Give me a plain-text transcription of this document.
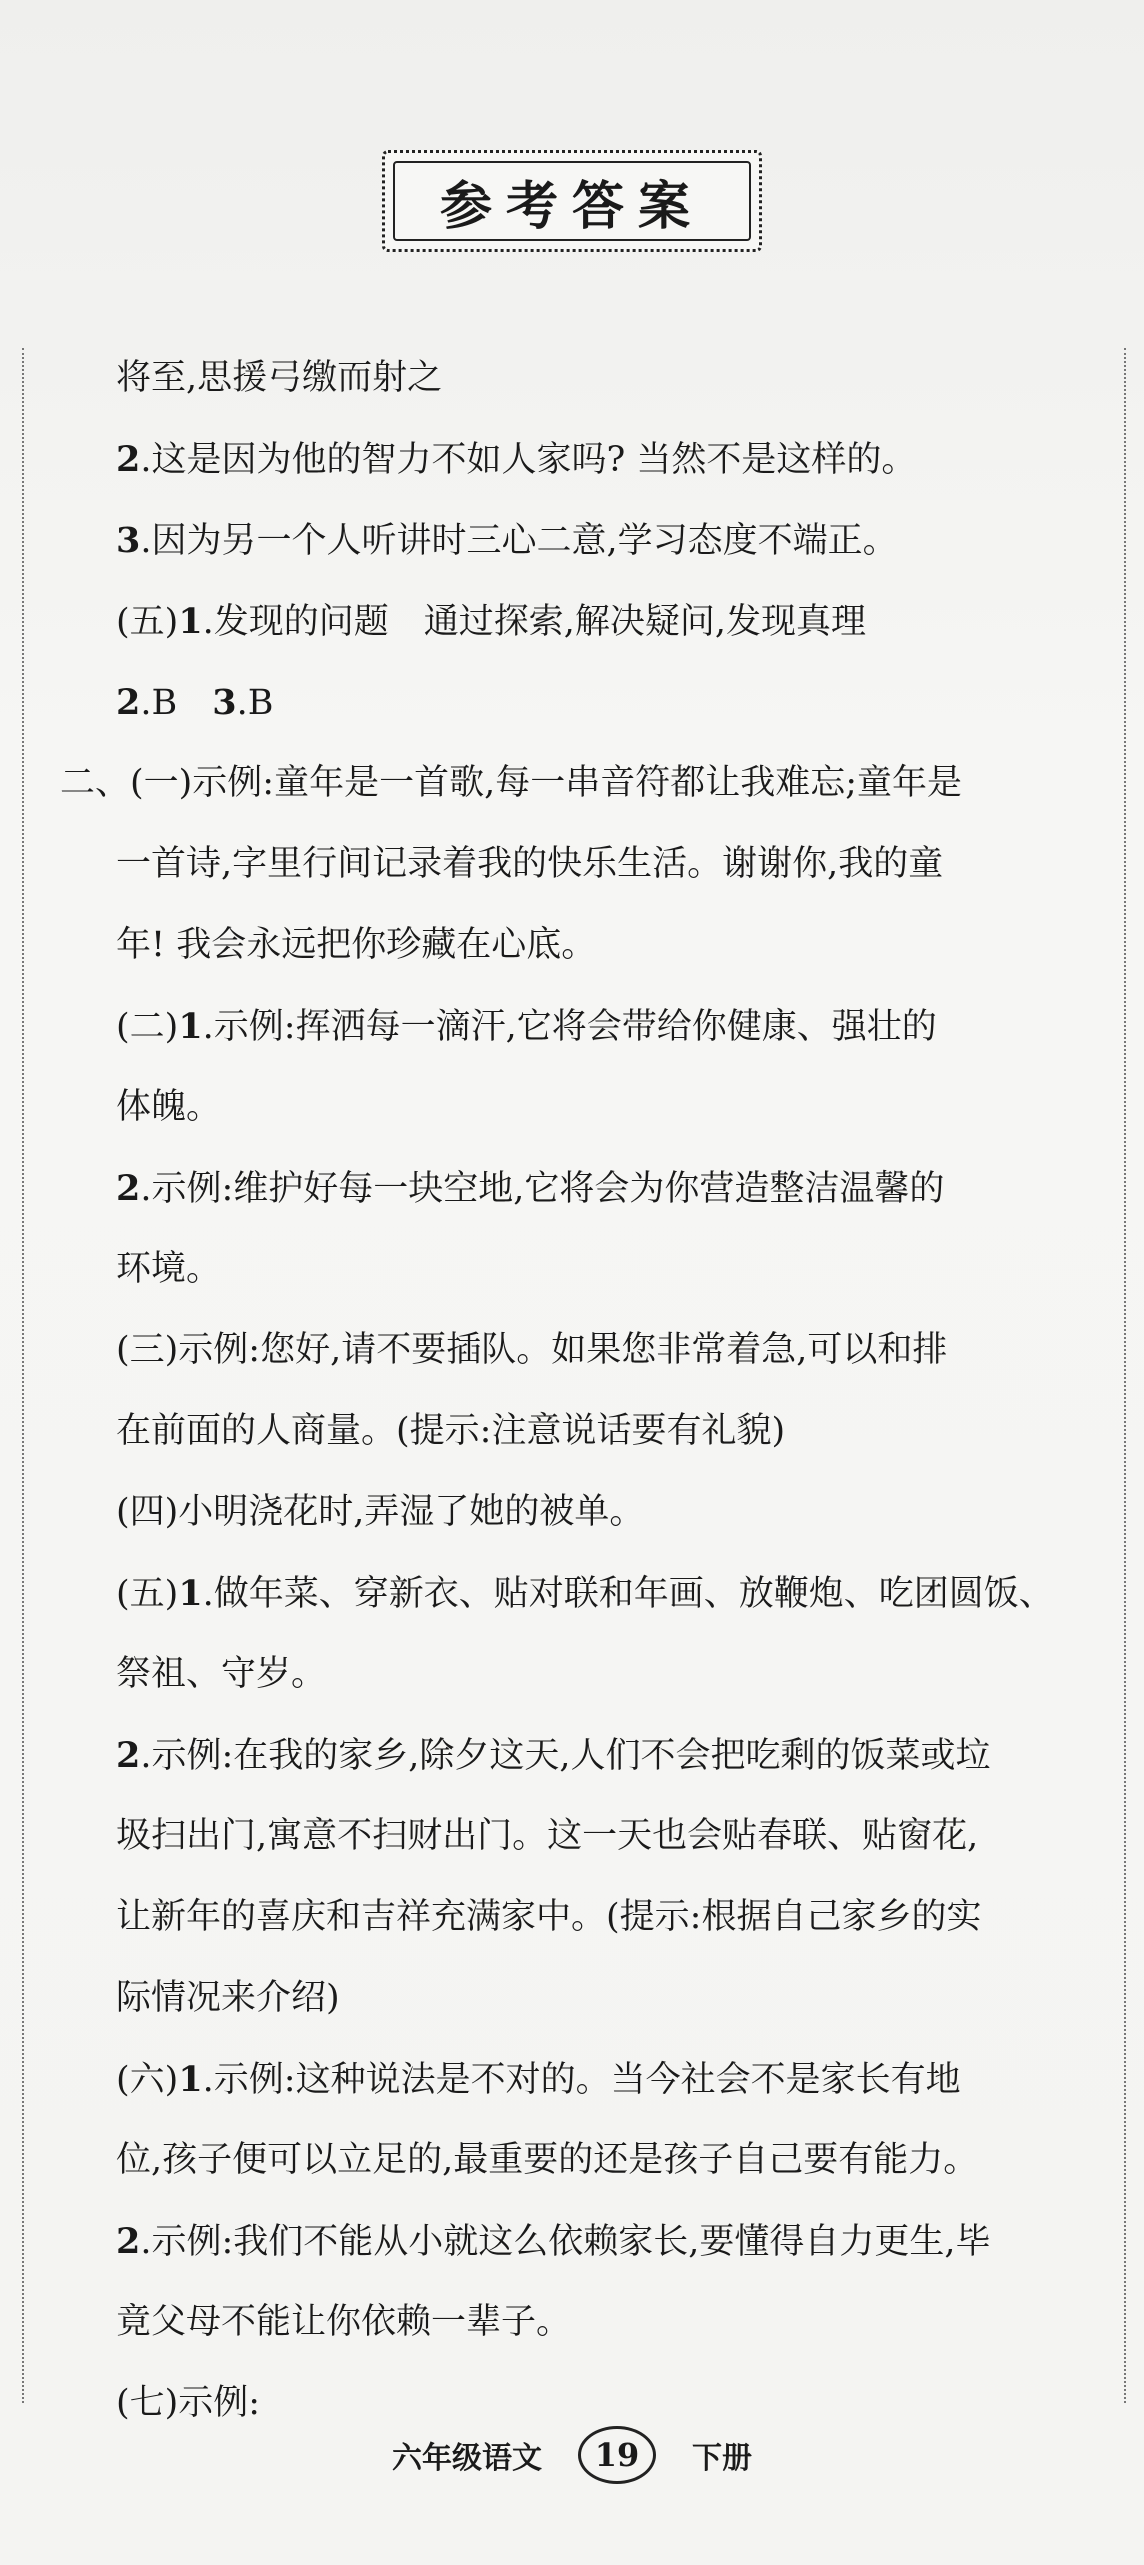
参考答案
将至,思援弓缴而射之
2.这是因为他的智力不如人家吗? 当然不是这样的。
3.因为另一个人听讲时三心二意,学习态度不端正。
(五)1.发现的问题　通过探索,解决疑问,发现真理
2.B　3.B
二、(一)示例:童年是一首歌,每一串音符都让我难忘;童年是
一首诗,字里行间记录着我的快乐生活。谢谢你,我的童
年! 我会永远把你珍藏在心底。
(二)1.示例:挥洒每一滴汗,它将会带给你健康、强壮的
体魄。
2.示例:维护好每一块空地,它将会为你营造整洁温馨的
环境。
(三)示例:您好,请不要插队。如果您非常着急,可以和排
在前面的人商量。(提示:注意说话要有礼貌)
(四)小明浇花时,弄湿了她的被单。
(五)1.做年菜、穿新衣、贴对联和年画、放鞭炮、吃团圆饭、
祭祖、守岁。
2.示例:在我的家乡,除夕这天,人们不会把吃剩的饭菜或垃
圾扫出门,寓意不扫财出门。这一天也会贴春联、贴窗花,
让新年的喜庆和吉祥充满家中。(提示:根据自己家乡的实
际情况来介绍)
(六)1.示例:这种说法是不对的。当今社会不是家长有地
位,孩子便可以立足的,最重要的还是孩子自己要有能力。
2.示例:我们不能从小就这么依赖家长,要懂得自力更生,毕
竟父母不能让你依赖一辈子。
(七)示例:
六年级语文	19	下册
